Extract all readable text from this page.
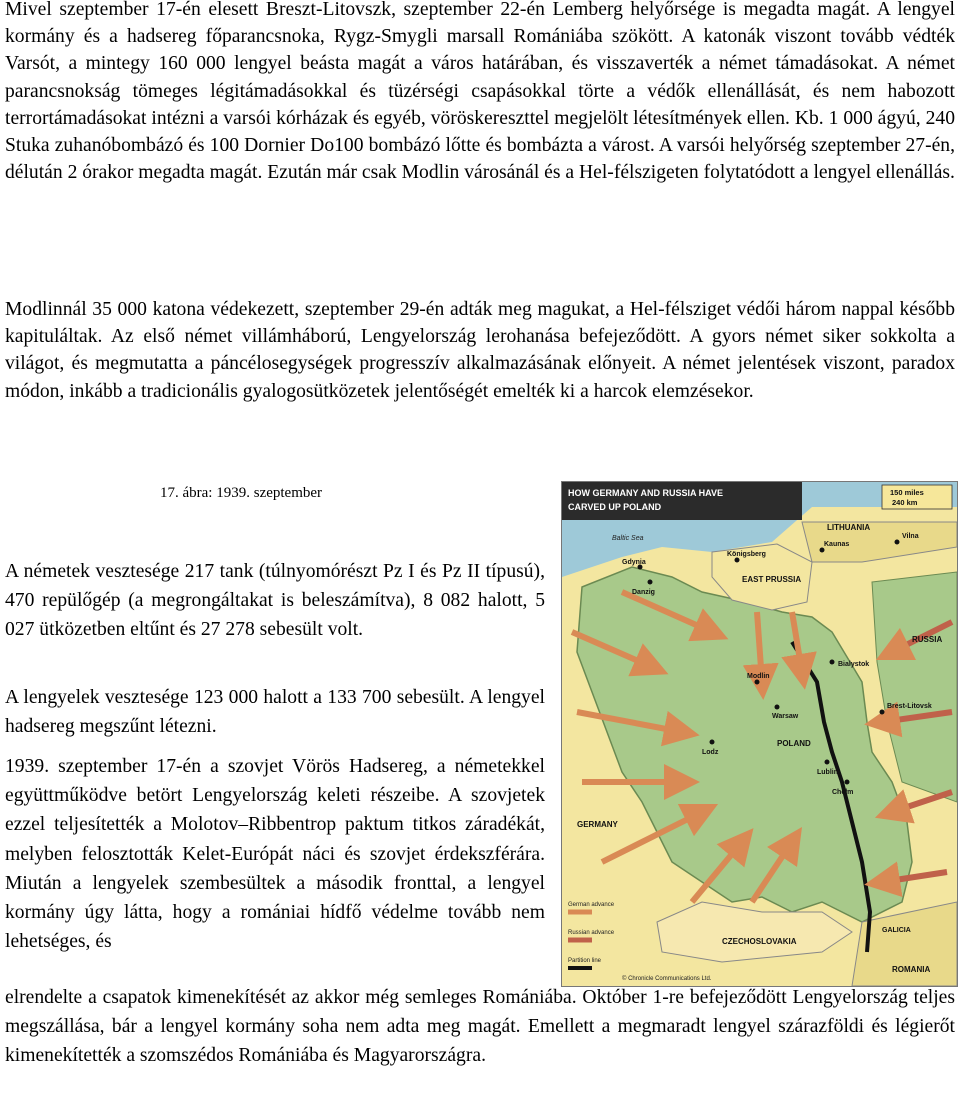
Mivel szeptember 17-én elesett Breszt-Litovszk, szeptember 22-én Lemberg helyőrsége is megadta magát. A lengyel kormány és a hadsereg főparancsnoka, Rygz-Smygli marsall Romániába szökött. A katonák viszont tovább védték Varsót, a mintegy 160 000 lengyel beásta magát a város határában, és visszaverték a német támadásokat. A német parancsnokság tömeges légitámadásokkal és tüzérségi csapásokkal törte a védők ellenállását, és nem habozott terrortámadásokat intézni a varsói kórházak és egyéb, vöröskereszttel megjelölt létesítmények ellen. Kb. 1 000 ágyú, 240 Stuka zuhanóbombázó és 100 Dornier Do100 bombázó lőtte és bombázta a várost. A varsói helyőrség szeptember 27-én, délután 2 órakor megadta magát. Ezután már csak Modlin városánál és a Hel-félszigeten folytatódott a lengyel ellenállás.

Modlinnál 35 000 katona védekezett, szeptember 29-én adták meg magukat, a Hel-félsziget védői három nappal később kapituláltak. Az első német villámháború, Lengyelország lerohanása befejeződött. A gyors német siker sokkolta a világot, és megmutatta a páncélosegységek progresszív alkalmazásának előnyeit. A német jelentések viszont, paradox módon, inkább a tradicionális gyalogosütközetek jelentőségét emelték ki a harcok elemzésekor.

17. ábra: 1939. szeptember

A németek vesztesége 217 tank (túlnyomórészt Pz I és Pz II típusú), 470 repülőgép (a megrongáltakat is beleszámítva), 8 082 halott, 5 027 ütközetben eltűnt és 27 278 sebesült volt.

A lengyelek vesztesége 123 000 halott a 133 700 sebesült. A lengyel hadsereg megszűnt létezni.

1939. szeptember 17-én a szovjet Vörös Hadsereg, a németekkel együttműködve betört Lengyelország keleti részeibe. A szovjetek ezzel teljesítették a Molotov–Ribbentrop paktum titkos záradékát, melyben felosztották Kelet-Európát náci és szovjet érdekszférára. Miután a lengyelek szembesültek a második fronttal, a lengyel kormány úgy látta, hogy a romániai hídfő védelme tovább nem lehetséges, és

elrendelte a csapatok kimenekítését az akkor még semleges Romániába. Október 1-re befejeződött Lengyelország teljes megszállása, bár a lengyel kormány soha nem adta meg magát. Emellett a megmaradt lengyel szárazföldi és légierőt kimenekítették a szomszédos Romániába és Magyarországra.

HOW GERMANY AND RUSSIA HAVE
CARVED UP POLAND
150 miles
240 km
LITHUANIA
Baltic Sea
Gdynia
Königsberg
Kaunas
Vilna
Danzig
EAST PRUSSIA
RUSSIA
Bialystok
Modlin
Warsaw
Brest-Litovsk
Lodz
POLAND
Lublin
Chełm
GERMANY
CZECHOSLOVAKIA
GALICIA
ROMANIA
German advance
Russian advance
Partition line
© Chronicle Communications Ltd.
